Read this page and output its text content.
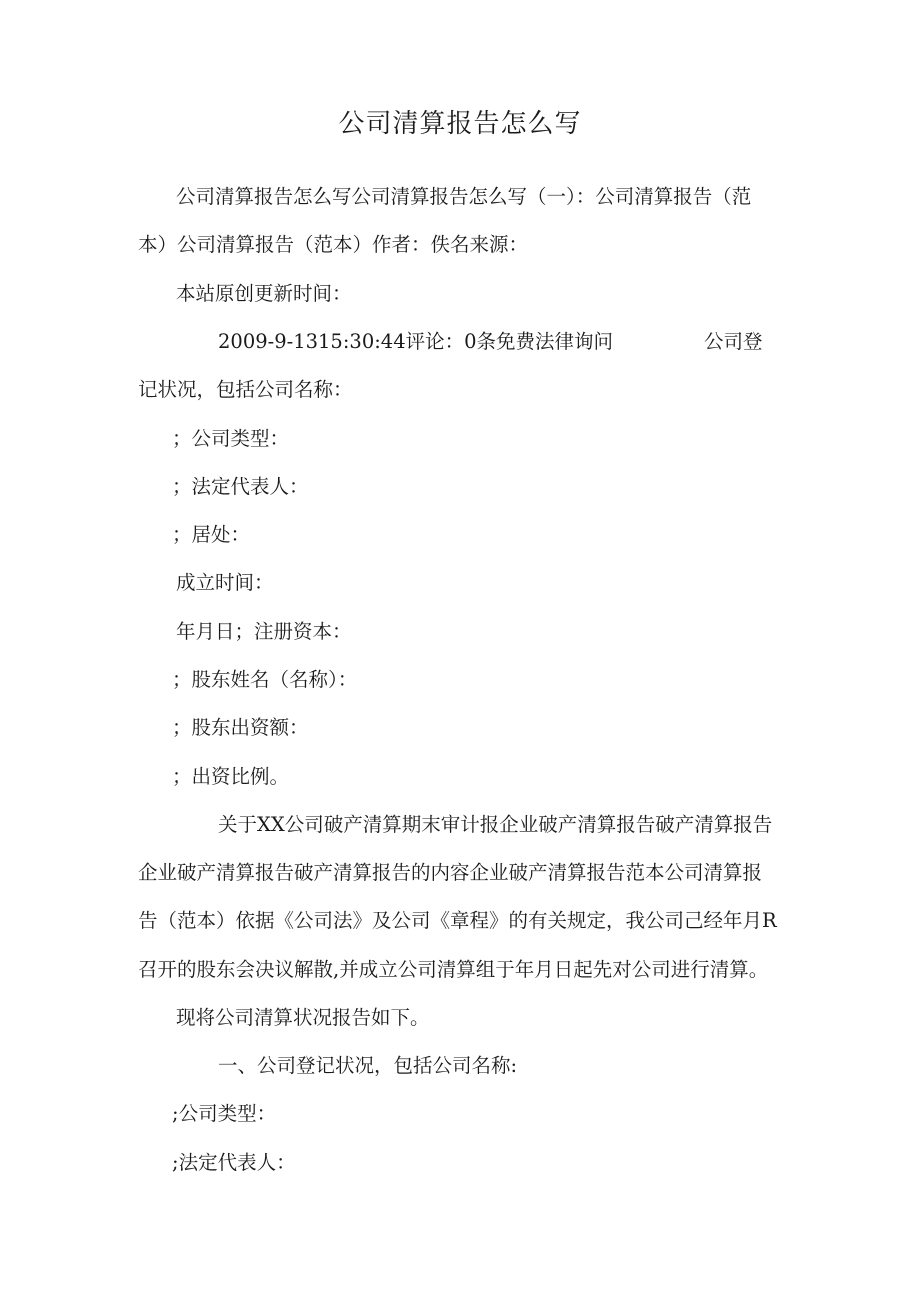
公司清算报告怎么写
公司清算报告怎么写公司清算报告怎么写（一）：公司清算报告（范
本）公司清算报告（范本）作者：佚名来源：
本站原创更新时间：
2009-9-1315:30:44评论：0条免费法律询问	公司登
记状况，包括公司名称：
；公司类型：
；法定代表人：
；居处：
成立时间：
年月日；注册资本：
；股东姓名（名称）：
；股东出资额：
；出资比例。
关于XX公司破产清算期末审计报企业破产清算报告破产清算报告
企业破产清算报告破产清算报告的内容企业破产清算报告范本公司清算报
告（范本）依据《公司法》及公司《章程》的有关规定，我公司己经年月R
召开的股东会决议解散,并成立公司清算组于年月日起先对公司进行清算。
现将公司清算状况报告如下。
一、公司登记状况，包括公司名称:
;公司类型：
;法定代表人：
